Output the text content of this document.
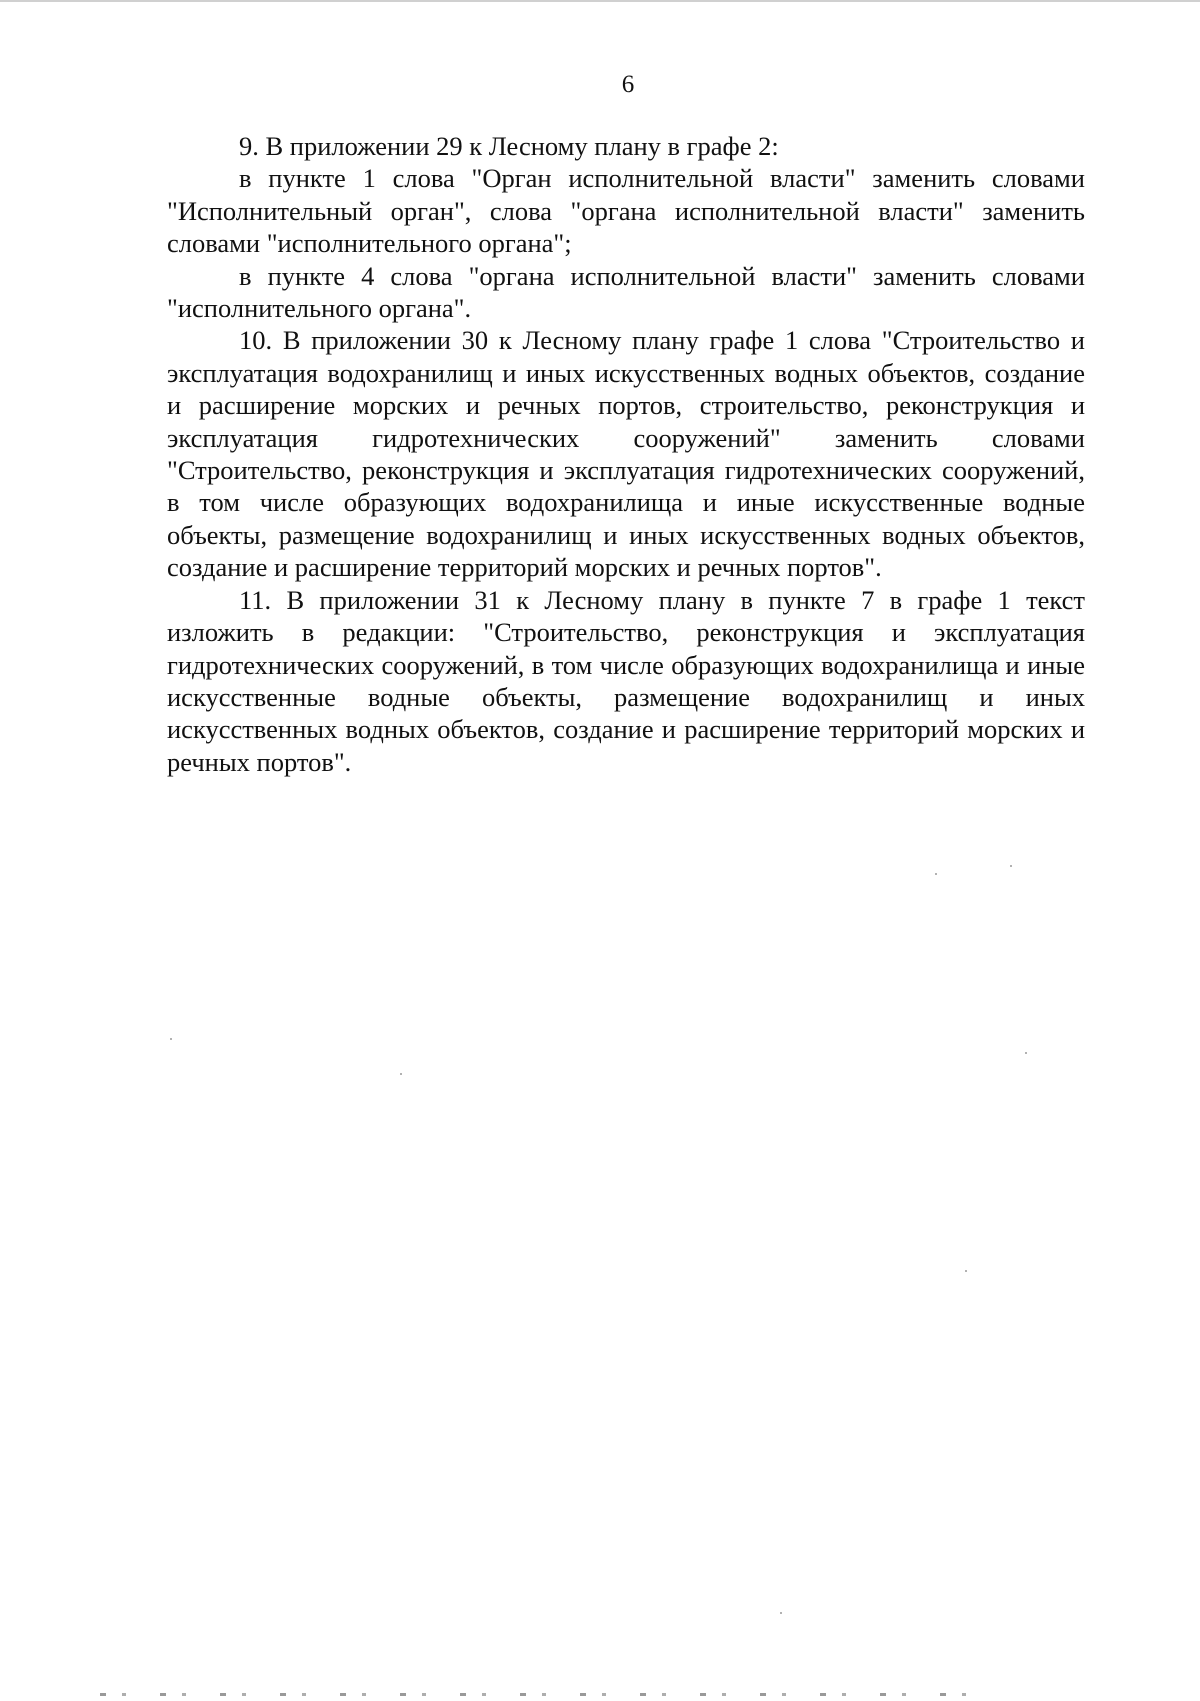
6

9. В приложении 29 к Лесному плану в графе 2:

в пункте 1 слова "Орган исполнительной власти" заменить словами "Исполнительный орган", слова "органа исполнительной власти" заменить словами "исполнительного органа";

в пункте 4 слова "органа исполнительной власти" заменить словами "исполнительного органа".

10. В приложении 30 к Лесному плану графе 1 слова "Строительство и эксплуатация водохранилищ и иных искусственных водных объектов, создание и расширение морских и речных портов, строительство, реконструкция и эксплуатация гидротехнических сооружений" заменить словами "Строительство, реконструкция и эксплуатация гидротехнических сооружений, в том числе образующих водохранилища и иные искусственные водные объекты, размещение водохранилищ и иных искусственных водных объектов, создание и расширение территорий морских и речных портов".

11. В приложении 31 к Лесному плану в пункте 7 в графе 1 текст изложить в редакции: "Строительство, реконструкция и эксплуатация гидротехнических сооружений, в том числе образующих водохранилища и иные искусственные водные объекты, размещение водохранилищ и иных искусственных водных объектов, создание и расширение территорий морских и речных портов".
